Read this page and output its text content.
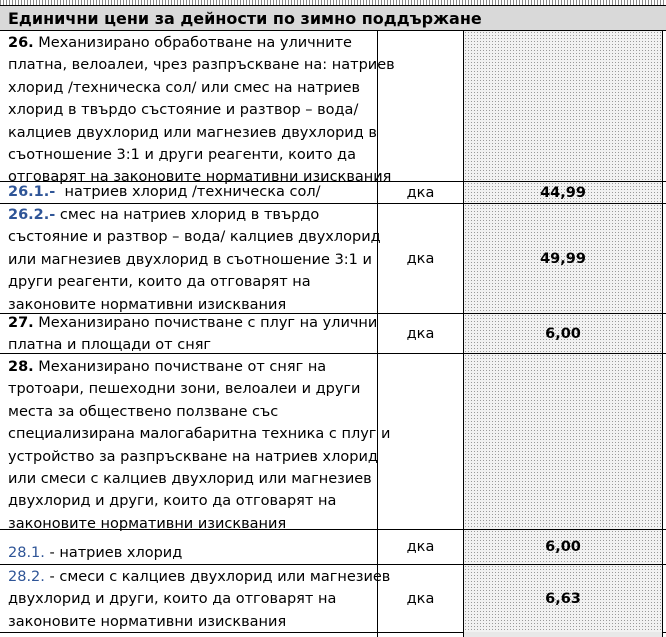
Единични цени за дейности по зимно поддържане
26. Механизирано обработване на уличните
платна, велоалеи, чрез разпръскване на: натриев
хлорид /техническа сол/ или смес на натриев
хлорид в твърдо състояние и разтвор – вода/
калциев двухлорид или магнезиев двухлорид в
съотношение 3:1 и други реагенти, които да
отговарят на законовите нормативни изисквания
26.1.-  натриев хлорид /техническа сол/	дка	44,99
26.2.- смес на натриев хлорид в твърдо
състояние и разтвор – вода/ калциев двухлорид
или магнезиев двухлорид в съотношение 3:1 и
други реагенти, които да отговарят на
законовите нормативни изисквания
дка	49,99
27. Механизирано почистване с плуг на улични
платна и площади от сняг
дка	6,00
28. Механизирано почистване от сняг на
тротоари, пешеходни зони, велоалеи и други
места за обществено ползване със
специализирана малогабаритна техника с плуг и
устройство за разпръскване на натриев хлорид
или смеси с калциев двухлорид или магнезиев
двухлорид и други, които да отговарят на
законовите нормативни изисквания
28.1. - натриев хлорид	дка	6,00
28.2. - смеси с калциев двухлорид или магнезиев
двухлорид и други, които да отговарят на
законовите нормативни изисквания
дка	6,63
